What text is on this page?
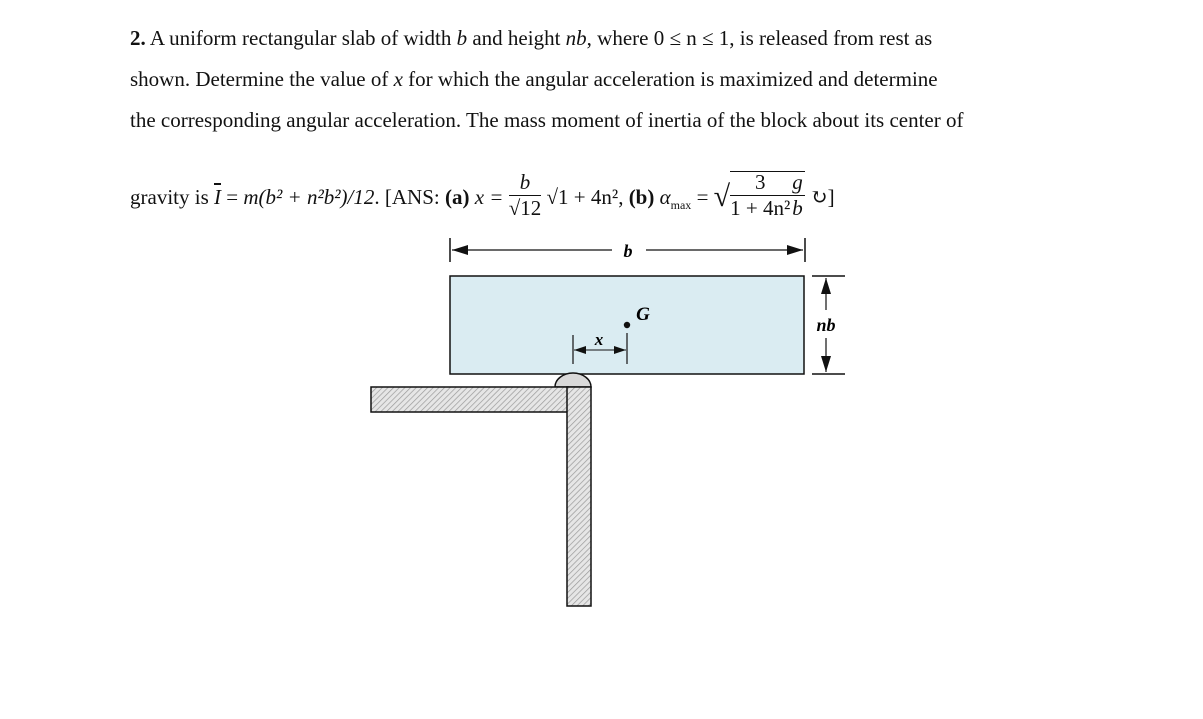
2. A uniform rectangular slab of width b and height nb, where 0 ≤ n ≤ 1, is released from rest as
shown. Determine the value of x for which the angular acceleration is maximized and determine
the corresponding angular acceleration. The mass moment of inertia of the block about its center of
gravity is $\overline{I} = m(b^2 + n^2b^2)/12$. [ANS: (a) $x = \frac{b}{√12} √1 + 4n^2$, (b) $\alpha_{max}$ = √ $\frac{3}{\text{1 + 4n²}} \frac{g}{b}$ ↻]
b
G
x
nb
